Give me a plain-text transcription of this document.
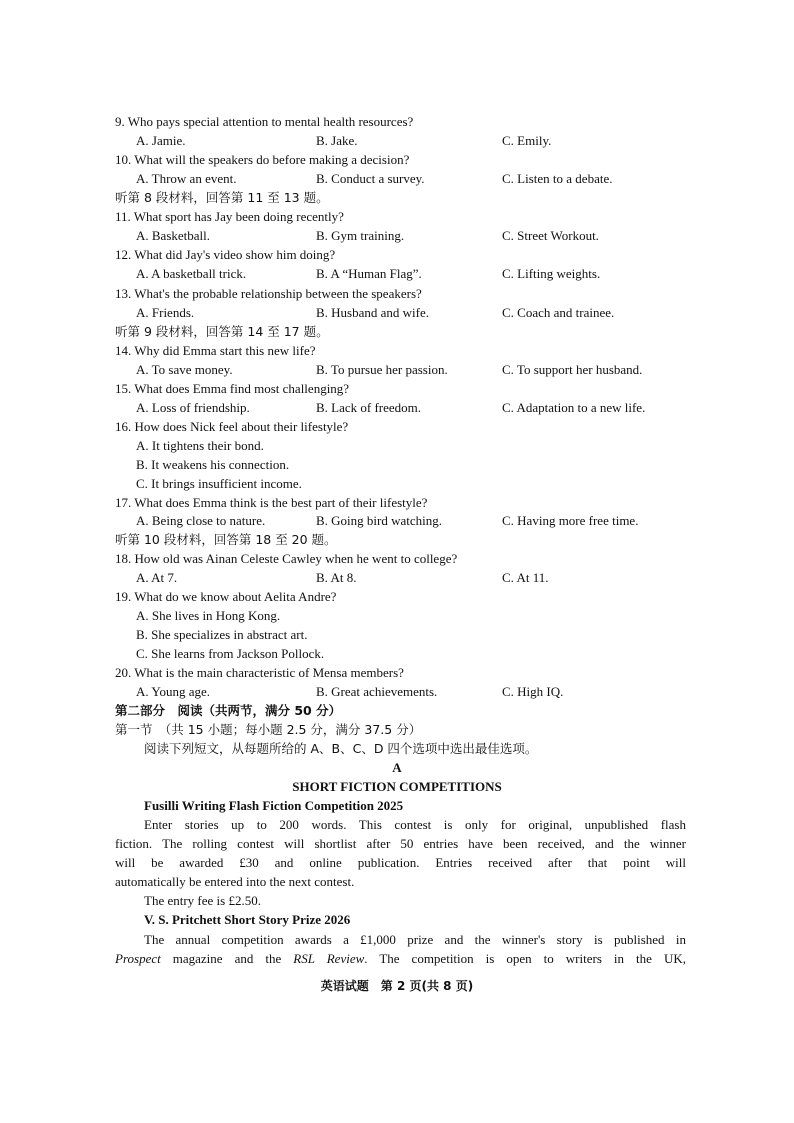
9. Who pays special attention to mental health resources?
A. Jamie.	B. Jake.	C. Emily.
10. What will the speakers do before making a decision?
A. Throw an event.	B. Conduct a survey.	C. Listen to a debate.
听第 8 段材料，回答第 11 至 13 题。
11. What sport has Jay been doing recently?
A. Basketball.	B. Gym training.	C. Street Workout.
12. What did Jay's video show him doing?
A. A basketball trick.	B. A “Human Flag”.	C. Lifting weights.
13. What's the probable relationship between the speakers?
A. Friends.	B. Husband and wife.	C. Coach and trainee.
听第 9 段材料，回答第 14 至 17 题。
14. Why did Emma start this new life?
A. To save money.	B. To pursue her passion.	C. To support her husband.
15. What does Emma find most challenging?
A. Loss of friendship.	B. Lack of freedom.	C. Adaptation to a new life.
16. How does Nick feel about their lifestyle?
A. It tightens their bond.
B. It weakens his connection.
C. It brings insufficient income.
17. What does Emma think is the best part of their lifestyle?
A. Being close to nature.	B. Going bird watching.	C. Having more free time.
听第 10 段材料，回答第 18 至 20 题。
18. How old was Ainan Celeste Cawley when he went to college?
A. At 7.	B. At 8.	C. At 11.
19. What do we know about Aelita Andre?
A. She lives in Hong Kong.
B. She specializes in abstract art.
C. She learns from Jackson Pollock.
20. What is the main characteristic of Mensa members?
A. Young age.	B. Great achievements.	C. High IQ.
第二部分　阅读（共两节，满分 50 分）
第一节　（共 15 小题；每小题 2.5 分，满分 37.5 分）
阅读下列短文，从每题所给的 A、B、C、D 四个选项中选出最佳选项。
A
SHORT FICTION COMPETITIONS
Fusilli Writing Flash Fiction Competition 2025
Enter stories up to 200 words. This contest is only for original, unpublished flash
fiction. The rolling contest will shortlist after 50 entries have been received, and the winner
will be awarded £30 and online publication. Entries received after that point will
automatically be entered into the next contest.
The entry fee is £2.50.
V. S. Pritchett Short Story Prize 2026
The annual competition awards a £1,000 prize and the winner's story is published in
Prospect magazine and the RSL Review. The competition is open to writers in the UK,
英语试题　第 2 页(共 8 页)
